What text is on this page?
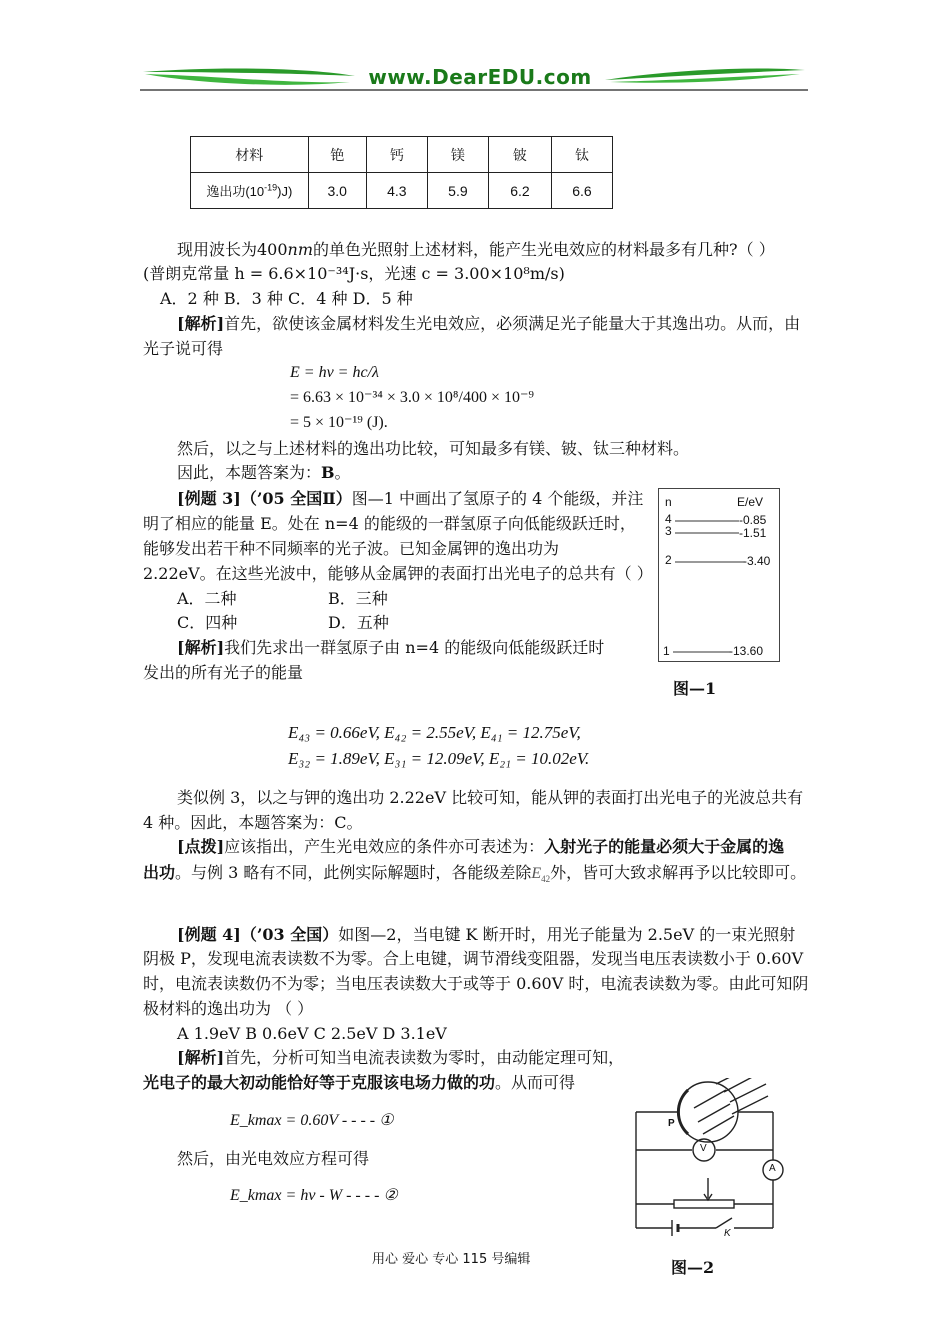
www.DearEDU.com
材料	铯	钙	镁	铍	钛
逸出功$(10^{-19})J$)	3.0	4.3	5.9	6.2	6.6
现用波长为400nm的单色光照射上述材料，能产生光电效应的材料最多有几种?（ ）
(普朗克常量 h = 6.6×10⁻³⁴J·s，光速 c = 3.00×10⁸m/s)
A．2 种 B．3 种 C．4 种 D．5 种
[解析]首先，欲使该金属材料发生光电效应，必须满足光子能量大于其逸出功。从而，由
光子说可得
E = hν = hc/λ
= 6.63 × 10⁻³⁴ × 3.0 × 10⁸/400 × 10⁻⁹
= 5 × 10⁻¹⁹ (J).
然后，以之与上述材料的逸出功比较，可知最多有镁、铍、钛三种材料。
因此，本题答案为：B。
[例题 3]（’05 全国Ⅱ）图—1 中画出了氢原子的 4 个能级，并注
明了相应的能量 E。处在 n=4 的能级的一群氢原子向低能级跃迁时，
能够发出若干种不同频率的光子波。已知金属钾的逸出功为
2.22eV。在这些光波中，能够从金属钾的表面打出光电子的总共有（ ）
A．二种	B．三种
C．四种	D．五种
[解析]我们先求出一群氢原子由 n=4 的能级向低能级跃迁时
发出的所有光子的能量
n	E/eV
4	-0.85
3	-1.51
2	-3.40
1	-13.60
图—1
E₄₃ = 0.66eV, E₄₂ = 2.55eV, E₄₁ = 12.75eV,
E₃₂ = 1.89eV, E₃₁ = 12.09eV, E₂₁ = 10.02eV.
类似例 3，以之与钾的逸出功 2.22eV 比较可知，能从钾的表面打出光电子的光波总共有
4 种。因此，本题答案为：C。
[点拨]应该指出，产生光电效应的条件亦可表述为：入射光子的能量必须大于金属的逸
出功。与例 3 略有不同，此例实际解题时，各能级差除$E_{42}$外，皆可大致求解再予以比较即可。
[例题 4]（’03 全国）如图—2，当电键 K 断开时，用光子能量为 2.5eV 的一束光照射
阴极 P，发现电流表读数不为零。合上电键，调节滑线变阻器，发现当电压表读数小于 0.60V
时，电流表读数仍不为零；当电压表读数大于或等于 0.60V 时，电流表读数为零。由此可知阴
极材料的逸出功为 （ ）
A 1.9eV B 0.6eV C 2.5eV D 3.1eV
[解析]首先，分析可知当电流表读数为零时，由动能定理可知，
光电子的最大初动能恰好等于克服该电场力做的功。从而可得
E_kmax = 0.60V - - - - ①
然后，由光电效应方程可得
E_kmax = hν - W - - - - ②
P
V
A
K
图—2
用心 爱心 专心 115 号编辑
